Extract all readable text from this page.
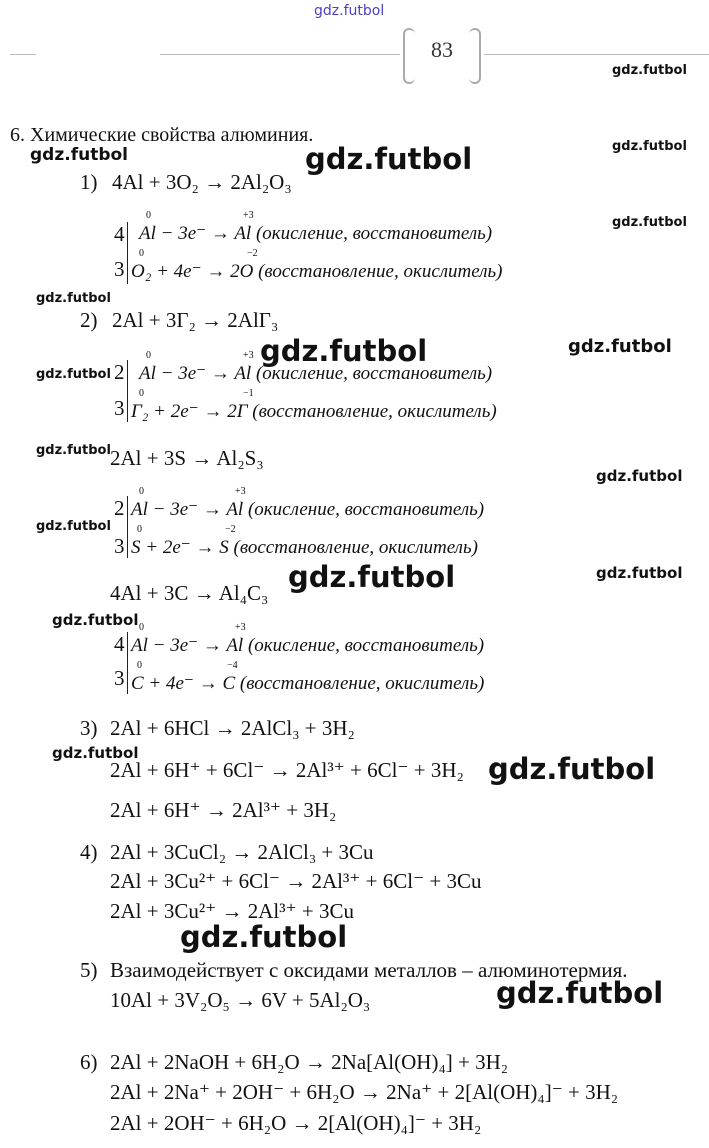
gdz.futbol
83
6. Химические свойства алюминия.
1) 4Al + 3O₂ → 2Al₂O₃
4
3
0	+3
Al − 3e⁻ → Al (окисление, восстановитель)
0	−2
O₂ + 4e⁻ → 2O (восстановление, окислитель)
2) 2Al + 3Г₂ → 2AlГ₃
2
3
0	+3
Al − 3e⁻ → Al (окисление, восстановитель)
0	−1
Г₂ + 2e⁻ → 2Г (восстановление, окислитель)
2Al + 3S → Al₂S₃
2
3
0	+3
Al − 3e⁻ → Al (окисление, восстановитель)
0	−2
S + 2e⁻ → S (восстановление, окислитель)
4Al + 3C → Al₄C₃
4
3
0	+3
Al − 3e⁻ → Al (окисление, восстановитель)
0	−4
C + 4e⁻ → C (восстановление, окислитель)
3) 2Al + 6HCl → 2AlCl₃ + 3H₂
2Al + 6H⁺ + 6Cl⁻ → 2Al³⁺ + 6Cl⁻ + 3H₂
2Al + 6H⁺ → 2Al³⁺ + 3H₂
4) 2Al + 3CuCl₂ → 2AlCl₃ + 3Cu
2Al + 3Cu²⁺ + 6Cl⁻ → 2Al³⁺ + 6Cl⁻ + 3Cu
2Al + 3Cu²⁺ → 2Al³⁺ + 3Cu
5) Взаимодействует с оксидами металлов – алюминотермия.
10Al + 3V₂O₅ → 6V + 5Al₂O₃
6) 2Al + 2NaOH + 6H₂O → 2Na[Al(OH)₄] + 3H₂
2Al + 2Na⁺ + 2OH⁻ + 6H₂O → 2Na⁺ + 2[Al(OH)₄]⁻ + 3H₂
2Al + 2OH⁻ + 6H₂O → 2[Al(OH)₄]⁻ + 3H₂
gdz.futbol
gdz.futbol
gdz.futbol	gdz.futbol
gdz.futbol
gdz.futbol
gdz.futbol	gdz.futbol
gdz.futbol
gdz.futbol
gdz.futbol
gdz.futbol
gdz.futbol	gdz.futbol
gdz.futbol
gdz.futbol	gdz.futbol
gdz.futbol
gdz.futbol
